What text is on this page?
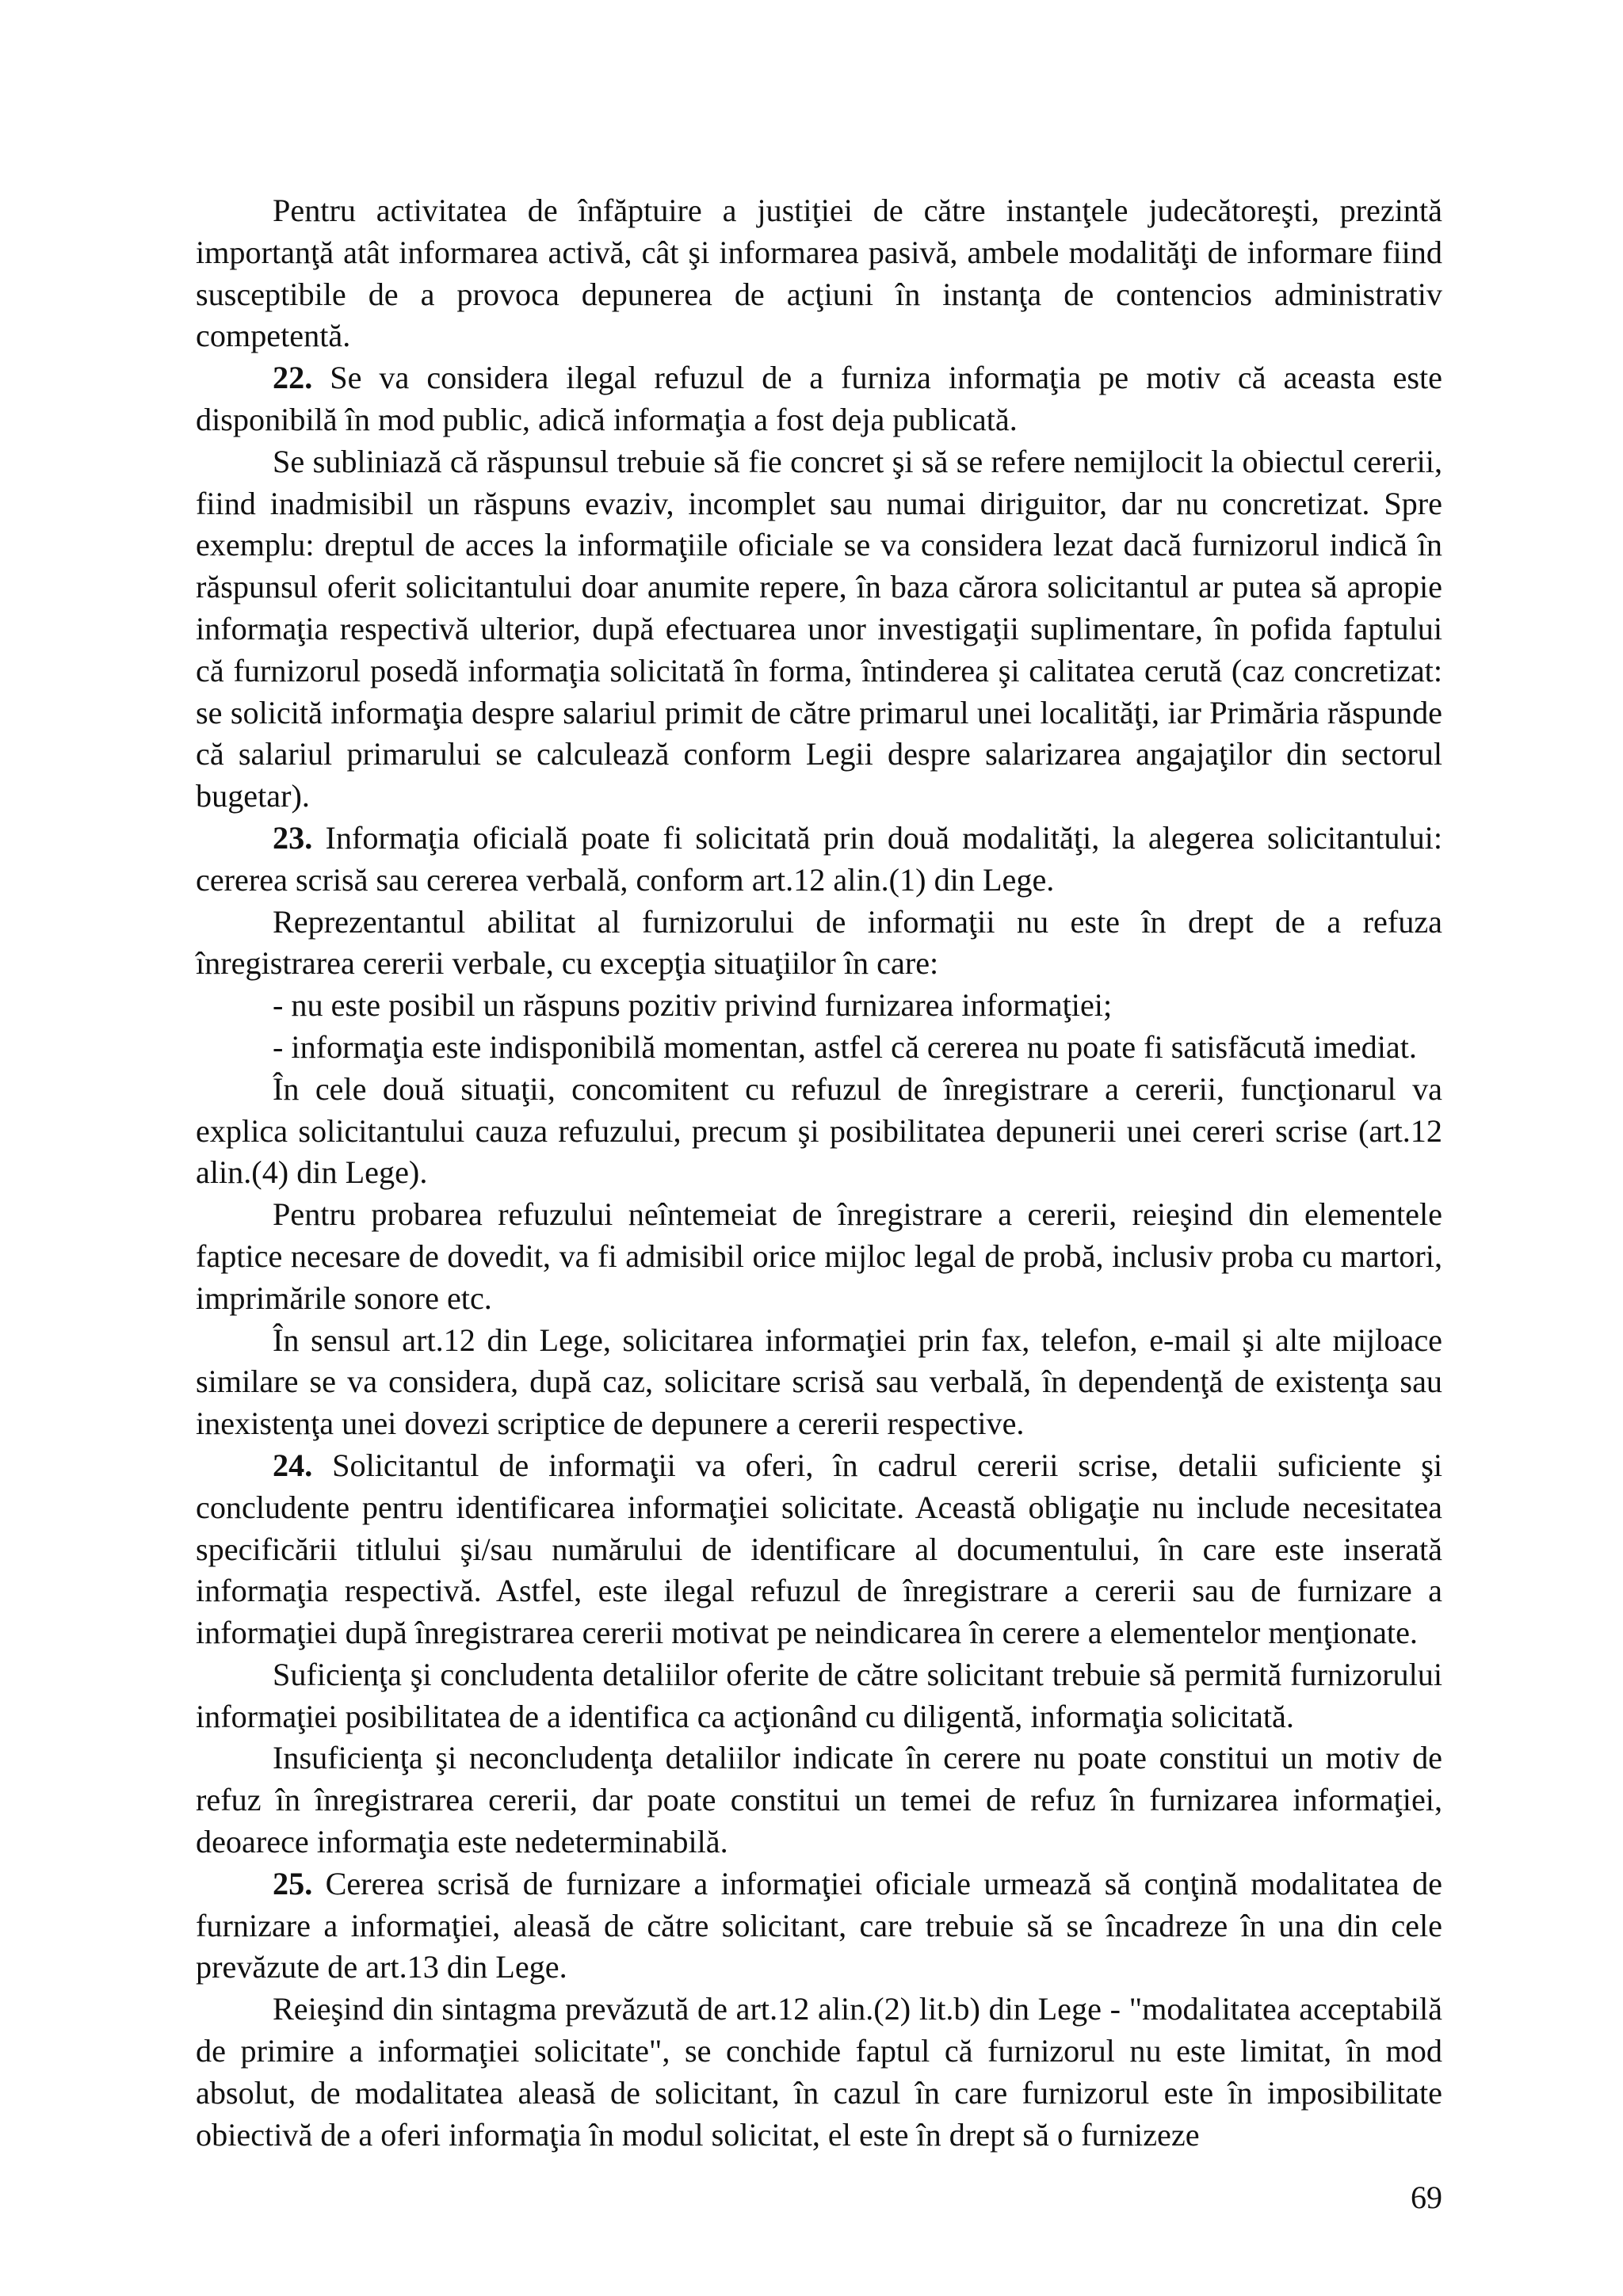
Pentru activitatea de înfăptuire a justiţiei de către instanţele judecătoreşti, prezintă importanţă atât informarea activă, cât şi informarea pasivă, ambele modalităţi de informare fiind susceptibile de a provoca depunerea de acţiuni în instanţa de contencios administrativ competentă.

22. Se va considera ilegal refuzul de a furniza informaţia pe motiv că aceasta este disponibilă în mod public, adică informaţia a fost deja publicată.

Se subliniază că răspunsul trebuie să fie concret şi să se refere nemijlocit la obiectul cererii, fiind inadmisibil un răspuns evaziv, incomplet sau numai diriguitor, dar nu concretizat. Spre exemplu: dreptul de acces la informaţiile oficiale se va considera lezat dacă furnizorul indică în răspunsul oferit solicitantului doar anumite repere, în baza cărora solicitantul ar putea să apropie informaţia respectivă ulterior, după efectuarea unor investigaţii suplimentare, în pofida faptului că furnizorul posedă informaţia solicitată în forma, întinderea şi calitatea cerută (caz concretizat: se solicită informaţia despre salariul primit de către primarul unei localităţi, iar Primăria răspunde că salariul primarului se calculează conform Legii despre salarizarea angajaţilor din sectorul bugetar).

23. Informaţia oficială poate fi solicitată prin două modalităţi, la alegerea solicitantului: cererea scrisă sau cererea verbală, conform art.12 alin.(1) din Lege.

Reprezentantul abilitat al furnizorului de informaţii nu este în drept de a refuza înregistrarea cererii verbale, cu excepţia situaţiilor în care:

- nu este posibil un răspuns pozitiv privind furnizarea informaţiei;

- informaţia este indisponibilă momentan, astfel că cererea nu poate fi satisfăcută imediat.

În cele două situaţii, concomitent cu refuzul de înregistrare a cererii, funcţionarul va explica solicitantului cauza refuzului, precum şi posibilitatea depunerii unei cereri scrise (art.12 alin.(4) din Lege).

Pentru probarea refuzului neîntemeiat de înregistrare a cererii, reieşind din elementele faptice necesare de dovedit, va fi admisibil orice mijloc legal de probă, inclusiv proba cu martori, imprimările sonore etc.

În sensul art.12 din Lege, solicitarea informaţiei prin fax, telefon, e-mail şi alte mijloace similare se va considera, după caz, solicitare scrisă sau verbală, în dependenţă de existenţa sau inexistenţa unei dovezi scriptice de depunere a cererii respective.

24. Solicitantul de informaţii va oferi, în cadrul cererii scrise, detalii suficiente şi concludente pentru identificarea informaţiei solicitate. Această obligaţie nu include necesitatea specificării titlului şi/sau numărului de identificare al documentului, în care este inserată informaţia respectivă. Astfel, este ilegal refuzul de înregistrare a cererii sau de furnizare a informaţiei după înregistrarea cererii motivat pe neindicarea în cerere a elementelor menţionate.

Suficienţa şi concludenta detaliilor oferite de către solicitant trebuie să permită furnizorului informaţiei posibilitatea de a identifica ca acţionând cu diligentă, informaţia solicitată.

Insuficienţa şi neconcludenţa detaliilor indicate în cerere nu poate constitui un motiv de refuz în înregistrarea cererii, dar poate constitui un temei de refuz în furnizarea informaţiei, deoarece informaţia este nedeterminabilă.

25. Cererea scrisă de furnizare a informaţiei oficiale urmează să conţină modalitatea de furnizare a informaţiei, aleasă de către solicitant, care trebuie să se încadreze în una din cele prevăzute de art.13 din Lege.

Reieşind din sintagma prevăzută de art.12 alin.(2) lit.b) din Lege - "modalitatea acceptabilă de primire a informaţiei solicitate", se conchide faptul că furnizorul nu este limitat, în mod absolut, de modalitatea aleasă de solicitant, în cazul în care furnizorul este în imposibilitate obiectivă de a oferi informaţia în modul solicitat, el este în drept să o furnizeze

69
